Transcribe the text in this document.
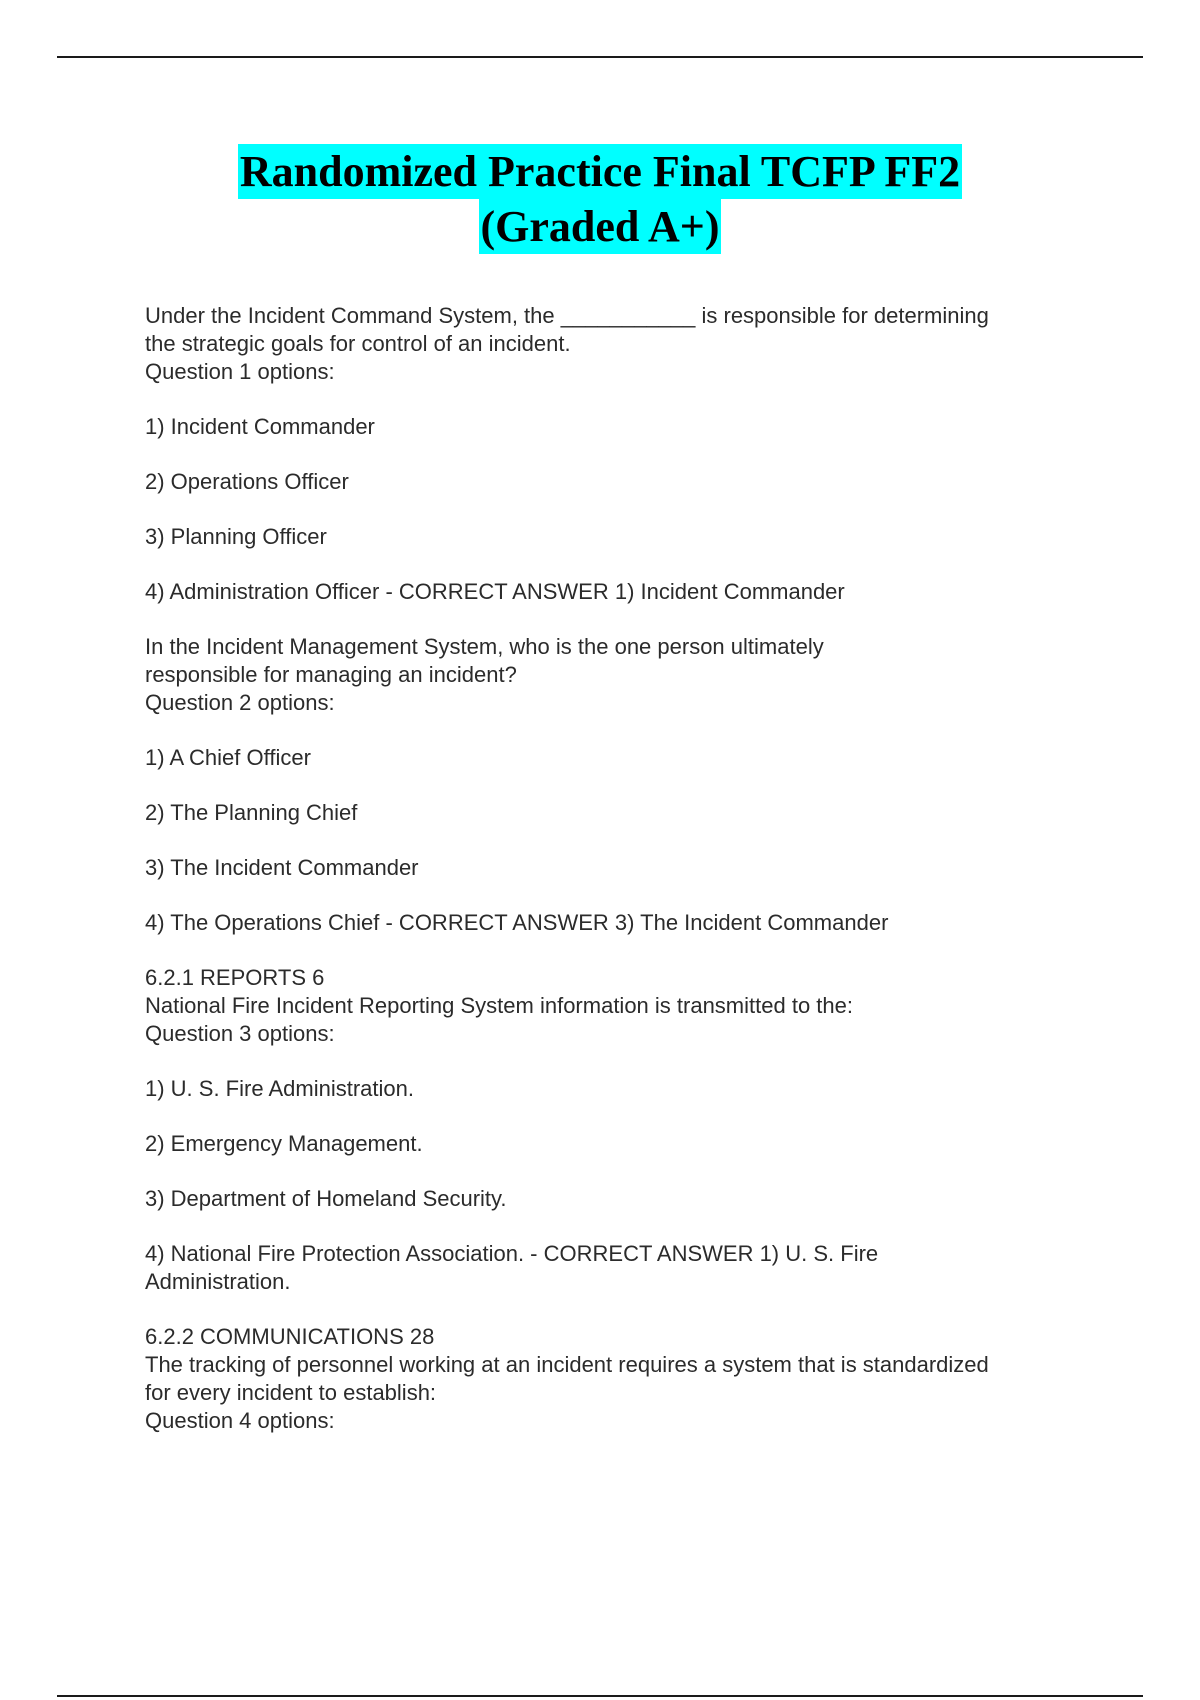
Randomized Practice Final TCFP FF2
(Graded A+)

Under the Incident Command System, the ___________ is responsible for determining
the strategic goals for control of an incident.

Question 1 options:

1) Incident Commander

2) Operations Officer

3) Planning Officer

4) Administration Officer - CORRECT ANSWER 1) Incident Commander

In the Incident Management System, who is the one person ultimately
responsible for managing an incident?

Question 2 options:

1) A Chief Officer

2) The Planning Chief

3) The Incident Commander

4) The Operations Chief - CORRECT ANSWER 3) The Incident Commander

6.2.1 REPORTS 6

National Fire Incident Reporting System information is transmitted to the:

Question 3 options:

1) U. S. Fire Administration.

2) Emergency Management.

3) Department of Homeland Security.

4) National Fire Protection Association. - CORRECT ANSWER 1) U. S. Fire
Administration.

6.2.2 COMMUNICATIONS 28

The tracking of personnel working at an incident requires a system that is standardized
for every incident to establish:

Question 4 options:
